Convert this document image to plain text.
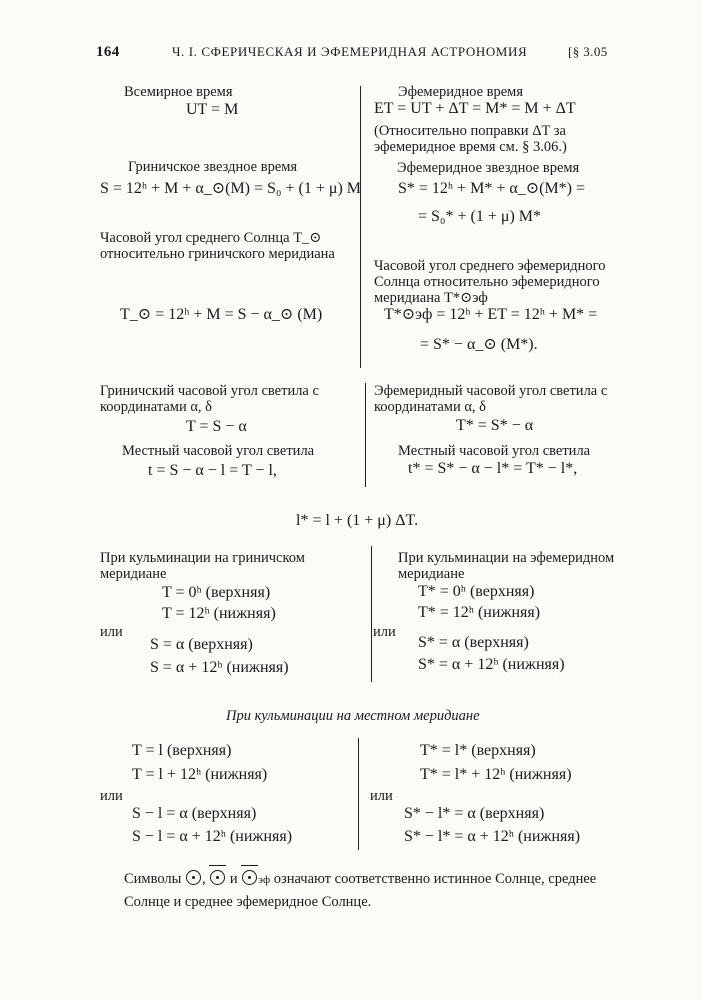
164	Ч. I. СФЕРИЧЕСКАЯ И ЭФЕМЕРИДНАЯ АСТРОНОМИЯ	[§ 3.05
Всемирное время
UT = M
Гриничское звездное время
S = 12ʰ + M + α_⊙(M) = S₀ + (1 + μ) M
Часовой угол среднего Солнца T_⊙ относительно гриничского меридиана
T_⊙ = 12ʰ + M = S − α_⊙ (M)
Эфемеридное время
ET = UT + ΔT = M* = M + ΔT
(Относительно поправки ΔT за эфемеридное время см. § 3.06.)
Эфемеридное звездное время
S* = 12ʰ + M* + α_⊙(M*) =
= S₀* + (1 + μ) M*
Часовой угол среднего эфемеридного Солнца относительно эфемеридного меридиана T*⊙эф
T*⊙эф = 12ʰ + ET = 12ʰ + M* =
= S* − α_⊙ (M*).
Гриничский часовой угол светила с координатами α, δ
T = S − α
Местный часовой угол светила
t = S − α − l = T − l,
Эфемеридный часовой угол светила с координатами α, δ
T* = S* − α
Местный часовой угол светила
t* = S* − α − l* = T* − l*,
l* = l + (1 + μ) ΔT.
При кульминации на гриничском меридиане
T = 0ʰ (верхняя)
T = 12ʰ (нижняя)
или
S = α (верхняя)
S = α + 12ʰ (нижняя)
При кульминации на эфемеридном меридиане
T* = 0ʰ (верхняя)
T* = 12ʰ (нижняя)
или
S* = α (верхняя)
S* = α + 12ʰ (нижняя)
При кульминации на местном меридиане
T = l (верхняя)
T = l + 12ʰ (нижняя)
или
S − l = α (верхняя)
S − l = α + 12ʰ (нижняя)
T* = l* (верхняя)
T* = l* + 12ʰ (нижняя)
или
S* − l* = α (верхняя)
S* − l* = α + 12ʰ (нижняя)
Символы ,  и эф означают соответственно истинное Солнце, среднее Солнце и среднее эфемеридное Солнце.
